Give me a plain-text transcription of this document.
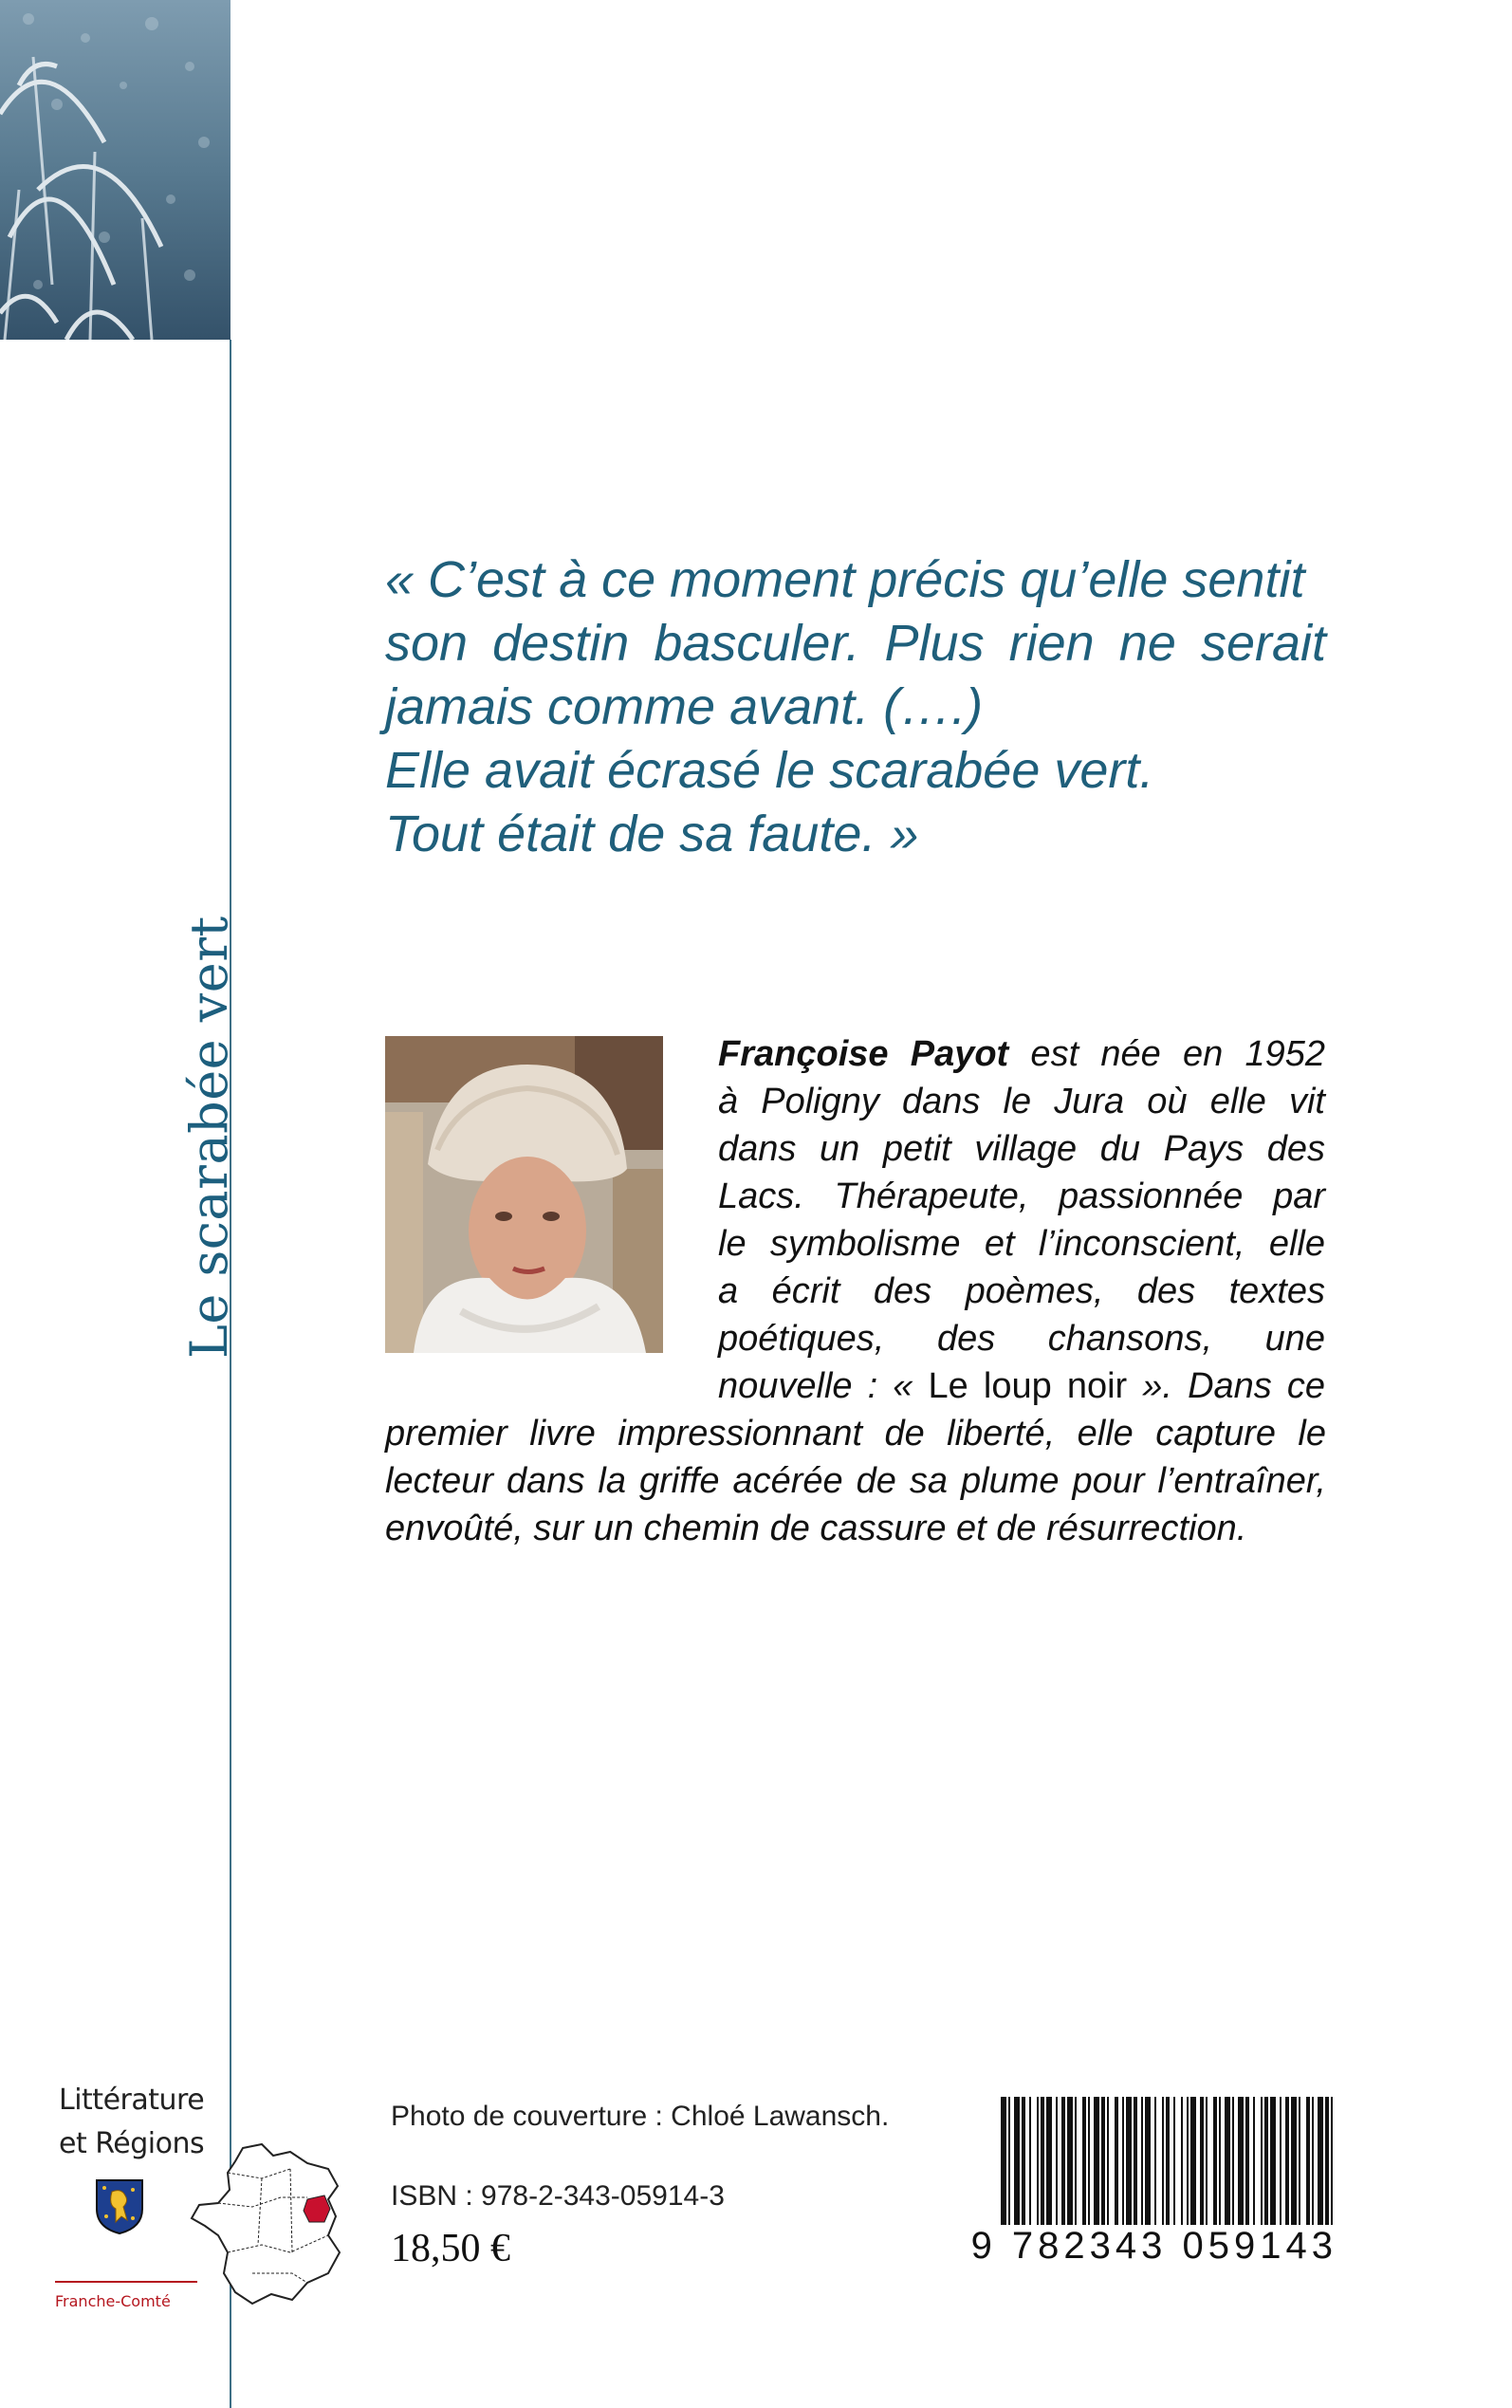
Le scarabée vert
« C’est à ce moment précis qu’elle sentit
son destin basculer. Plus rien ne serait
jamais comme avant. (….)
Elle avait écrasé le scarabée vert.
Tout était de sa faute. »
Françoise Payot est née en 1952
à Poligny dans le Jura où elle vit
dans un petit village du Pays des
Lacs. Thérapeute, passionnée par
le symbolisme et l’inconscient, elle
a écrit des poèmes, des textes
poétiques, des chansons, une
nouvelle : « Le loup noir ». Dans ce
premier livre impressionnant de liberté, elle capture le
lecteur dans la griffe acérée de sa plume pour l’entraîner,
envoûté, sur un chemin de cassure et de résurrection.
Littérature
et Régions
Franche-Comté
Photo de couverture : Chloé Lawansch.
ISBN : 978-2-343-05914-3
18,50 €	9 782343 059143
